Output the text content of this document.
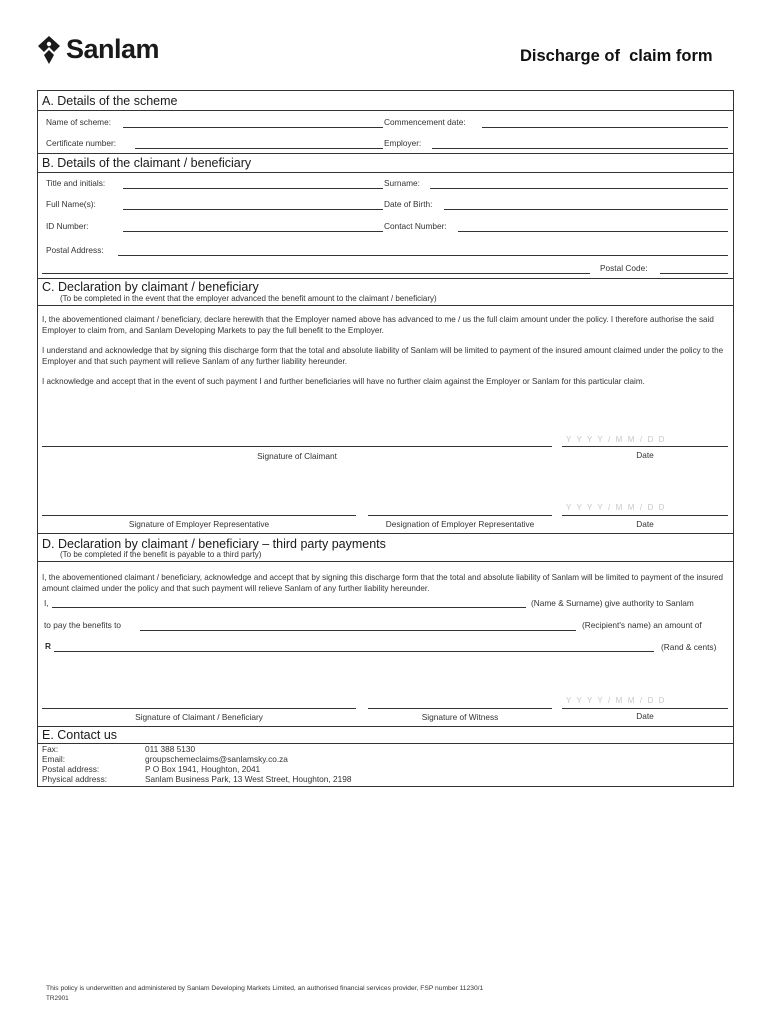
Sanlam	Discharge of  claim form
A. Details of the scheme
Name of scheme:	Commencement date:
Certificate number:	Employer:
B. Details of the claimant / beneficiary
Title and initials:	Surname:
Full Name(s):	Date of Birth:
ID Number:	Contact Number:
Postal Address:
Postal Code:
C. Declaration by claimant / beneficiary
(To be completed in the event that the employer advanced the benefit amount to the claimant / beneficiary)
I, the abovementioned claimant / beneficiary, declare herewith that the Employer named above has advanced to me / us the full claim amount under the policy. I therefore authorise the said Employer to claim from, and Sanlam Developing Markets to pay the full benefit to the Employer.
I understand and acknowledge that by signing this discharge form that the total and absolute liability of Sanlam will be limited to payment of the insured amount claimed under the policy to the Employer and that such payment will relieve Sanlam of any further liability hereunder.
I acknowledge and accept that in the event of such payment I and further beneficiaries will have no further claim against the Employer or Sanlam for this particular claim.
Y Y Y Y / M M / D D
Signature of Claimant	Date
Y Y Y Y / M M / D D
Signature of Employer Representative	Designation of Employer Representative	Date
D. Declaration by claimant / beneficiary – third party payments
(To be completed if the benefit is payable to a third party)
I, the abovementioned claimant / beneficiary, acknowledge and accept that by signing this discharge form that the total and absolute liability of Sanlam will be limited to payment of the insured amount claimed under the policy and that such payment will relieve Sanlam of any further liability hereunder.
I,	(Name & Surname) give authority to Sanlam
to pay the benefits to	(Recipient's name) an amount of
R	(Rand & cents)
Y Y Y Y / M M / D D
Signature of Claimant / Beneficiary	Signature of Witness	Date
E. Contact us
Fax:	011 388 5130
Email:	groupschemeclaims@sanlamsky.co.za
Postal address:	P O Box 1941, Houghton, 2041
Physical address:	Sanlam Business Park, 13 West Street, Houghton, 2198
This policy is underwritten and administered by Sanlam Developing Markets Limited, an authorised financial services provider, FSP number 11230/1
TR2901
